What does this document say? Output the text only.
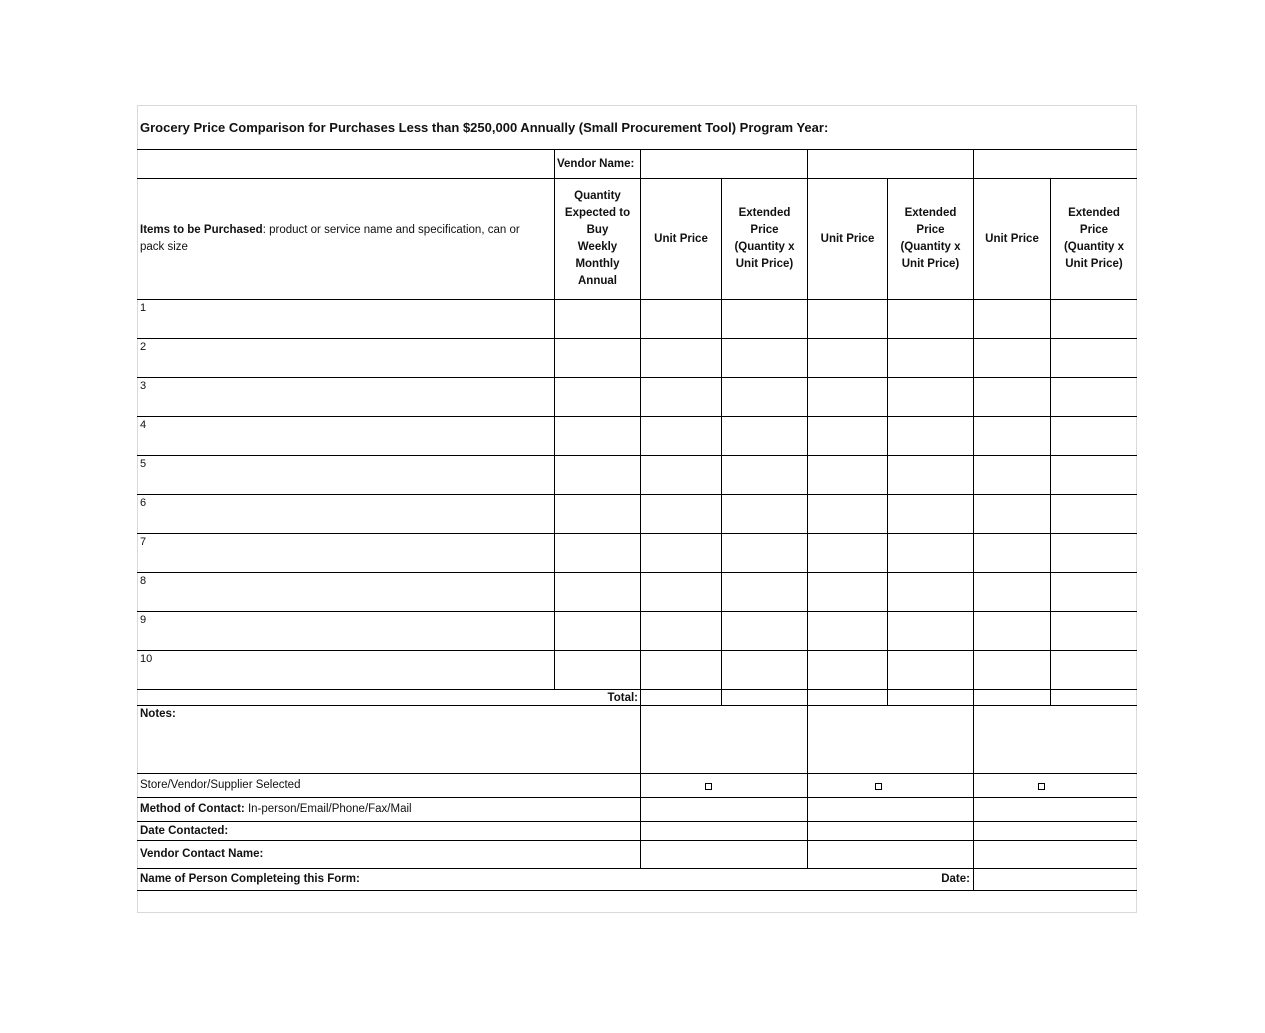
Grocery Price Comparison for Purchases Less than $250,000 Annually (Small Procurement Tool) Program Year:
Vendor Name:
Items to be Purchased: product or service name and specification, can or
pack size
Quantity
Expected to
Buy
Weekly
Monthly
Annual
Unit Price
Extended
Price
(Quantity x
Unit Price)
Unit Price
Extended
Price
(Quantity x
Unit Price)
Unit Price
Extended
Price
(Quantity x
Unit Price)
1
2
3
4
5
6
7
8
9
10
Total:
Notes:
Store/Vendor/Supplier Selected
Method of Contact: In-person/Email/Phone/Fax/Mail
Date Contacted:
Vendor Contact Name:
Name of Person Completeing this Form:	Date:
